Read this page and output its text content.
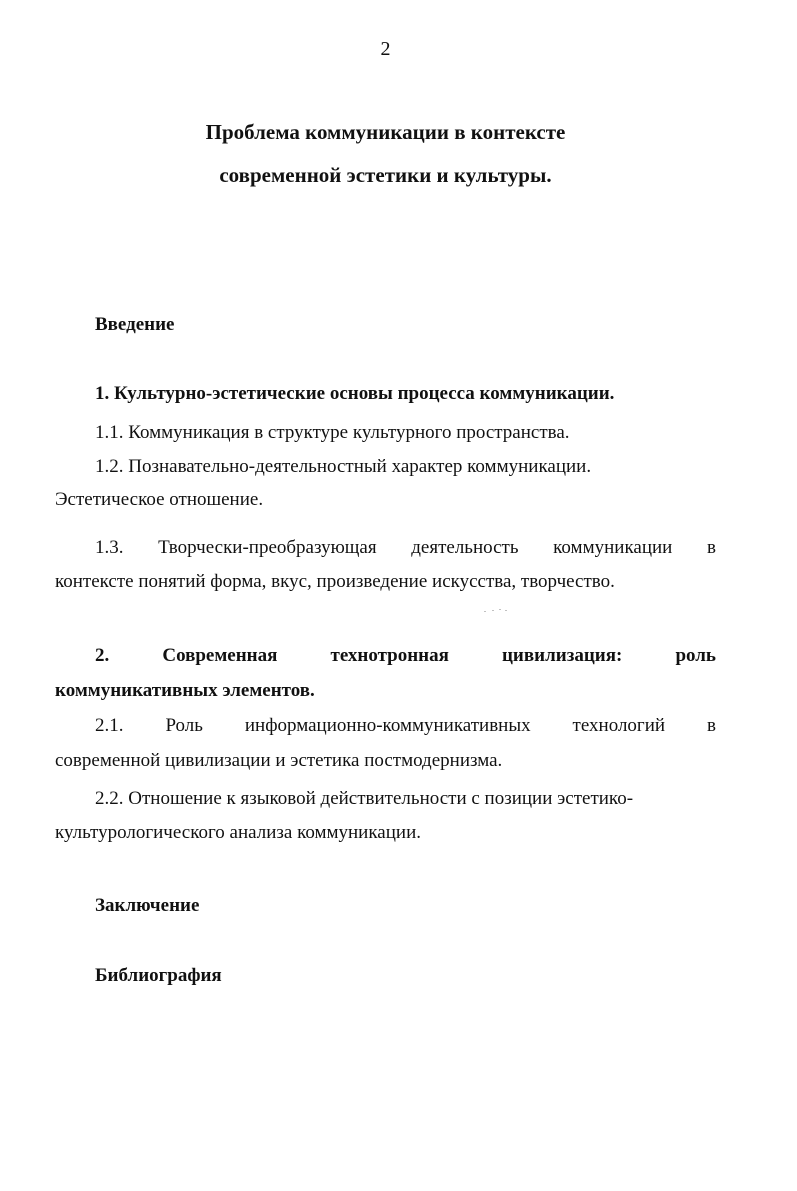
2
Проблема коммуникации в контексте
современной эстетики и культуры.
Введение
1. Культурно-эстетические основы процесса коммуникации.
1.1. Коммуникация в структуре культурного пространства.
1.2. Познавательно-деятельностный характер коммуникации.
Эстетическое отношение.
1.3. Творчески-преобразующая деятельность коммуникации в
контексте понятий форма, вкус, произведение искусства, творчество.
2.	Современная	технотронная	цивилизация:	роль
коммуникативных элементов.
2.1. Роль информационно-коммуникативных технологий в
современной цивилизации и эстетика постмодернизма.
2.2. Отношение к языковой действительности с позиции эстетико-
культурологического анализа коммуникации.
Заключение
Библиография
